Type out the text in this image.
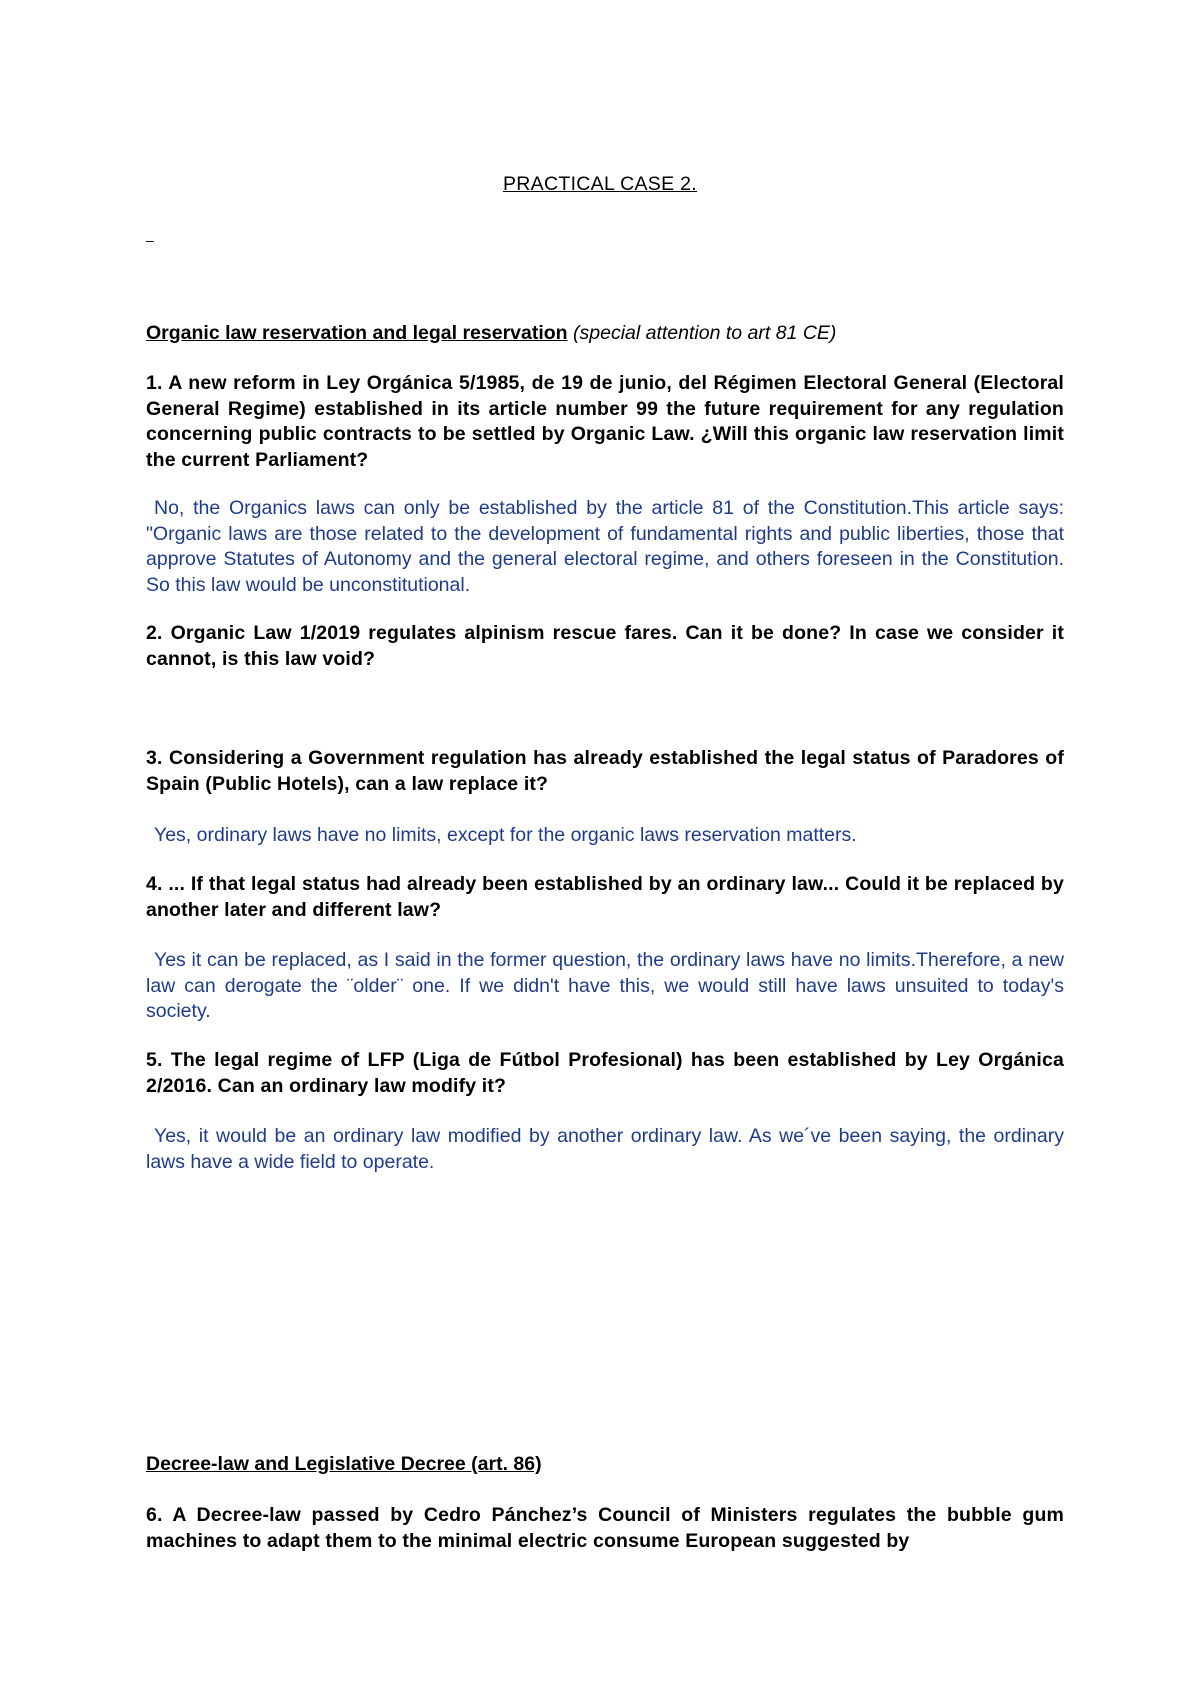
PRACTICAL CASE 2.
–
Organic law reservation and legal reservation (special attention to art 81 CE)
1. A new reform in Ley Orgánica 5/1985, de 19 de junio, del Régimen Electoral General (Electoral General Regime) established in its article number 99 the future requirement for any regulation concerning public contracts to be settled by Organic Law. ¿Will this organic law reservation limit the current Parliament?
No, the Organics laws can only be established by the article 81 of the Constitution.This article says: "Organic laws are those related to the development of fundamental rights and public liberties, those that approve Statutes of Autonomy and the general electoral regime, and others foreseen in the Constitution. So this law would be unconstitutional.
2. Organic Law 1/2019 regulates alpinism rescue fares. Can it be done? In case we consider it cannot, is this law void?
3. Considering a Government regulation has already established the legal status of Paradores of Spain (Public Hotels), can a law replace it?
Yes, ordinary laws have no limits, except for the organic laws reservation matters.
4. ... If that legal status had already been established by an ordinary law... Could it be replaced by another later and different law?
Yes it can be replaced, as I said in the former question, the ordinary laws have no limits.Therefore, a new law can derogate the ¨older¨ one. If we didn't have this, we would still have laws unsuited to today's society.
5. The legal regime of LFP (Liga de Fútbol Profesional) has been established by Ley Orgánica 2/2016. Can an ordinary law modify it?
Yes, it would be an ordinary law modified by another ordinary law. As we´ve been saying, the ordinary laws have a wide field to operate.
Decree-law and Legislative Decree (art. 86)
6. A Decree-law passed by Cedro Pánchez’s Council of Ministers regulates the bubble gum machines to adapt them to the minimal electric consume European suggested by
